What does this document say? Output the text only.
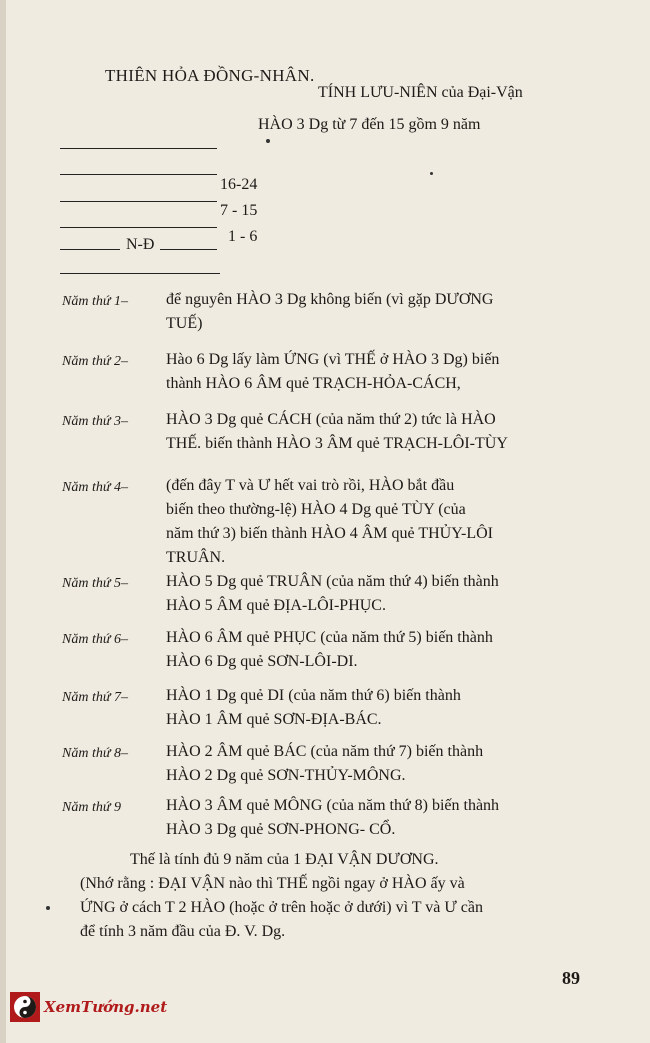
THIÊN HỎA ĐỒNG-NHÂN.
TÍNH LƯU-NIÊN của Đại-Vận
HÀO 3 Dg từ 7 đến 15 gồm 9 năm
16-24
7 - 15
1 - 6
N-Đ
Năm thứ 1– để nguyên HÀO 3 Dg không biến (vì gặp DƯƠNG
TUẾ)
Năm thứ 2– Hào 6 Dg lấy làm ỨNG (vì THẾ ở HÀO 3 Dg) biến
thành HÀO 6 ÂM quẻ TRẠCH-HỎA-CÁCH,
Năm thứ 3– HÀO 3 Dg quẻ CÁCH (của năm thứ 2) tức là HÀO
THẾ. biến thành HÀO 3 ÂM quẻ TRẠCH-LÔI-TÙY
Năm thứ 4– (đến đây T và Ư hết vai trò rồi, HÀO bắt đầu
biến theo thường-lệ) HÀO 4 Dg quẻ TÙY (của
năm thứ 3) biến thành HÀO 4 ÂM quẻ THỦY-LÔI
TRUÂN.
Năm thứ 5– HÀO 5 Dg quẻ TRUÂN (của năm thứ 4) biến thành
HÀO 5 ÂM quẻ ĐỊA-LÔI-PHỤC.
Năm thứ 6– HÀO 6 ÂM quẻ PHỤC (của năm thứ 5) biến thành
HÀO 6 Dg quẻ SƠN-LÔI-DI.
Năm thứ 7– HÀO 1 Dg quẻ DI (của năm thứ 6) biến thành
HÀO 1 ÂM quẻ SƠN-ĐỊA-BÁC.
Năm thứ 8– HÀO 2 ÂM quẻ BÁC (của năm thứ 7) biến thành
HÀO 2 Dg quẻ SƠN-THỦY-MÔNG.
Năm thứ 9	HÀO 3 ÂM quẻ MÔNG (của năm thứ 8) biến thành
HÀO 3 Dg quẻ SƠN-PHONG- CỔ.
Thế là tính đủ 9 năm của 1 ĐẠI VẬN DƯƠNG.
(Nhớ rằng : ĐẠI VẬN nào thì THẾ ngồi ngay ở HÀO ấy và
ỨNG ở cách T 2 HÀO (hoặc ở trên hoặc ở dưới) vì T và Ư cần
để tính 3 năm đầu của Đ. V. Dg.
89
XemTướng.net
